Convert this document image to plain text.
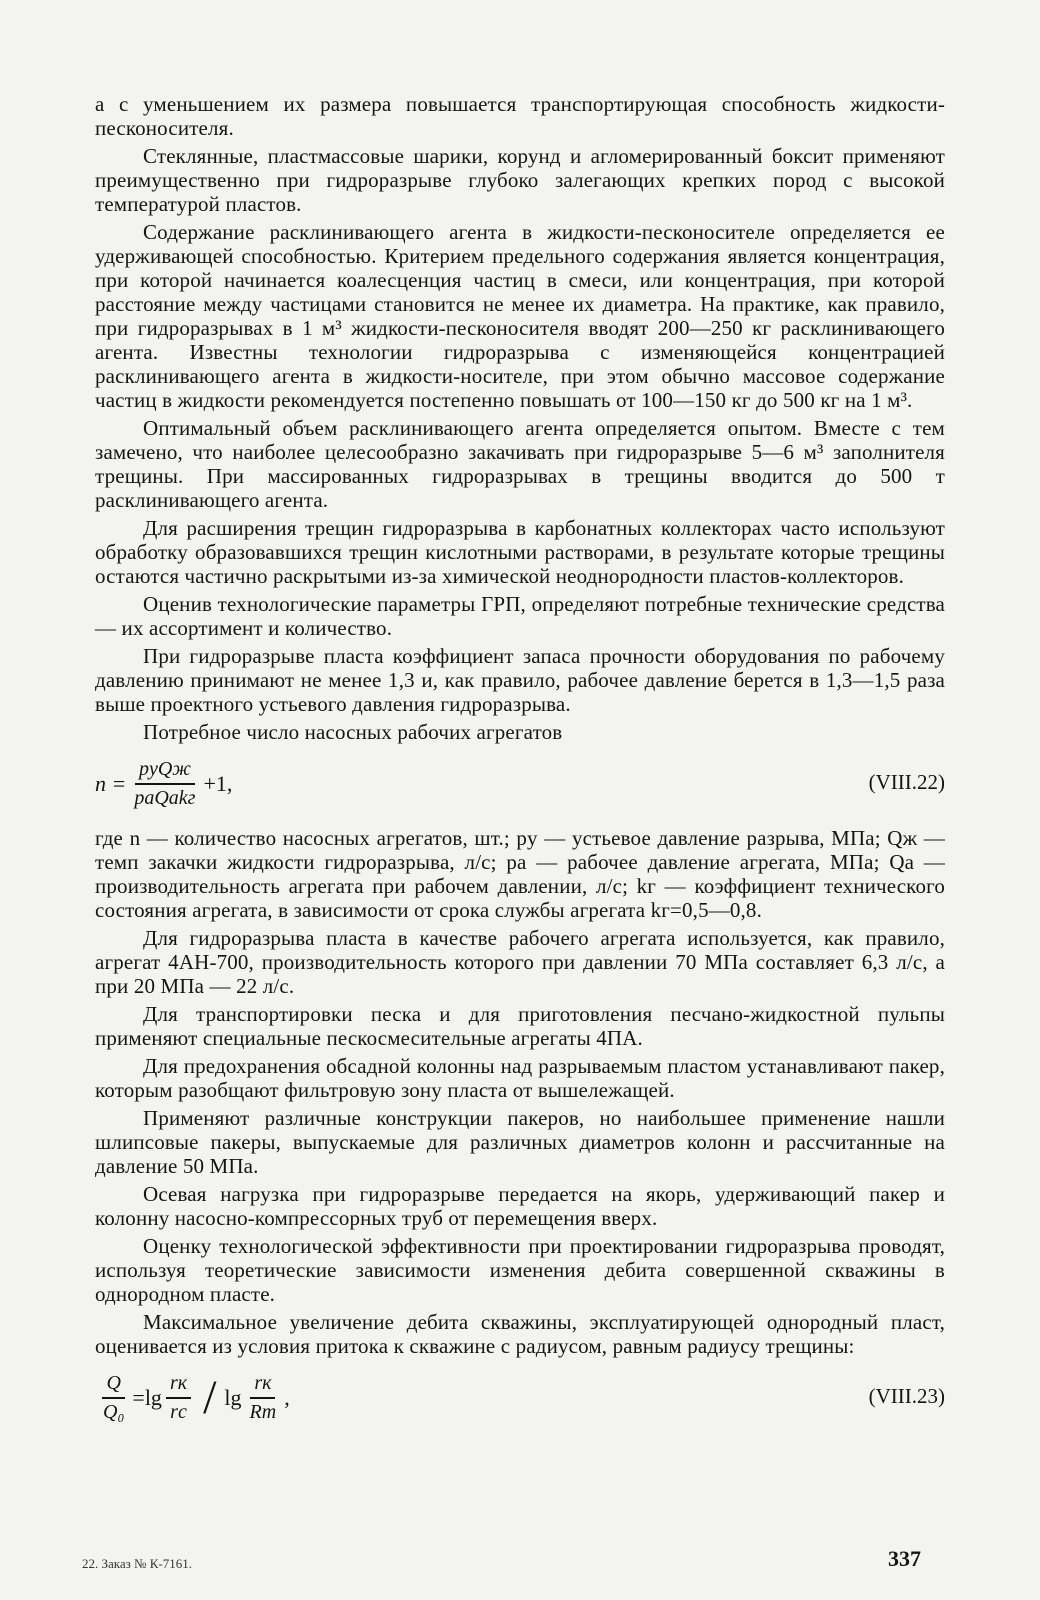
а с уменьшением их размера повышается транспортирующая способность жидкости-песконосителя.

Стеклянные, пластмассовые шарики, корунд и агломерированный боксит применяют преимущественно при гидроразрыве глубоко залегающих крепких пород с высокой температурой пластов.

Содержание расклинивающего агента в жидкости-песконосителе определяется ее удерживающей способностью. Критерием предельного содержания является концентрация, при которой начинается коалесценция частиц в смеси, или концентрация, при которой расстояние между частицами становится не менее их диаметра. На практике, как правило, при гидроразрывах в 1 м³ жидкости-песконосителя вводят 200—250 кг расклинивающего агента. Известны технологии гидроразрыва с изменяющейся концентрацией расклинивающего агента в жидкости-носителе, при этом обычно массовое содержание частиц в жидкости рекомендуется постепенно повышать от 100—150 кг до 500 кг на 1 м³.

Оптимальный объем расклинивающего агента определяется опытом. Вместе с тем замечено, что наиболее целесообразно закачивать при гидроразрыве 5—6 м³ заполнителя трещины. При массированных гидроразрывах в трещины вводится до 500 т расклинивающего агента.

Для расширения трещин гидроразрыва в карбонатных коллекторах часто используют обработку образовавшихся трещин кислотными растворами, в результате которые трещины остаются частично раскрытыми из-за химической неоднородности пластов-коллекторов.

Оценив технологические параметры ГРП, определяют потребные технические средства — их ассортимент и количество.

При гидроразрыве пласта коэффициент запаса прочности оборудования по рабочему давлению принимают не менее 1,3 и, как правило, рабочее давление берется в 1,3—1,5 раза выше проектного устьевого давления гидроразрыва.

Потребное число насосных рабочих агрегатов

$n = \frac{\text{pуQж}}{\text{pаQаkг}} +1$,	(VIII.22)

где n — количество насосных агрегатов, шт.; pу — устьевое давление разрыва, МПа; Qж — темп закачки жидкости гидроразрыва, л/с; pа — рабочее давление агрегата, МПа; Qа — производительность агрегата при рабочем давлении, л/с; kг — коэффициент технического состояния агрегата, в зависимости от срока службы агрегата kг=0,5—0,8.

Для гидроразрыва пласта в качестве рабочего агрегата используется, как правило, агрегат 4АН-700, производительность которого при давлении 70 МПа составляет 6,3 л/с, а при 20 МПа — 22 л/с.

Для транспортировки песка и для приготовления песчано-жидкостной пульпы применяют специальные пескосмесительные агрегаты 4ПА.

Для предохранения обсадной колонны над разрываемым пластом устанавливают пакер, которым разобщают фильтровую зону пласта от вышележащей.

Применяют различные конструкции пакеров, но наибольшее применение нашли шлипсовые пакеры, выпускаемые для различных диаметров колонн и рассчитанные на давление 50 МПа.

Осевая нагрузка при гидроразрыве передается на якорь, удерживающий пакер и колонну насосно-компрессорных труб от перемещения вверх.

Оценку технологической эффективности при проектировании гидроразрыва проводят, используя теоретические зависимости изменения дебита совершенной скважины в однородном пласте.

Максимальное увеличение дебита скважины, эксплуатирующей однородный пласт, оценивается из условия притока к скважине с радиусом, равным радиусу трещины:

$\frac{Q}{\text{Q₀}} =\lg \frac{rк}{rс} / \lg \frac{rк}{Rт}$ ,	(VIII.23)
22. Заказ № К-7161.	337
